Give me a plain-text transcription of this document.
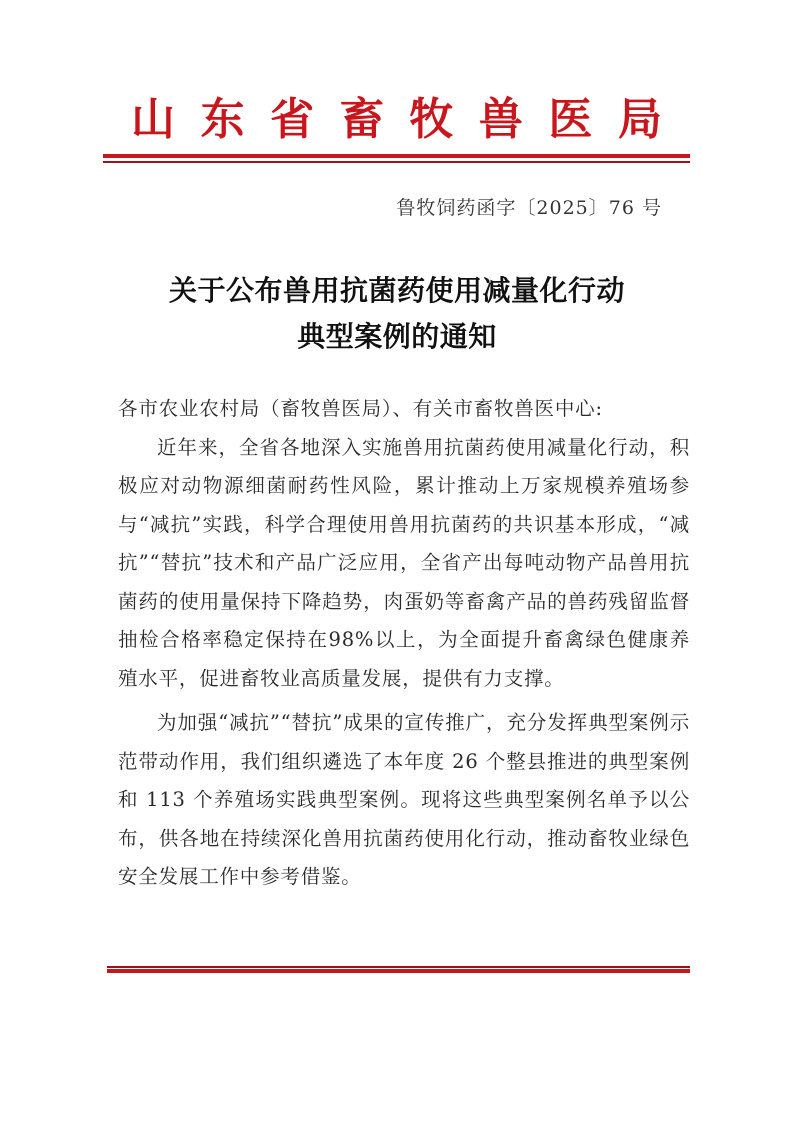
山 东 省 畜 牧 兽 医 局
鲁牧饲药函字〔2025〕76 号
关于公布兽用抗菌药使用减量化行动
典型案例的通知

各市农业农村局（畜牧兽医局）、有关市畜牧兽医中心:

近年来，全省各地深入实施兽用抗菌药使用减量化行动，积极应对动物源细菌耐药性风险，累计推动上万家规模养殖场参与“减抗”实践，科学合理使用兽用抗菌药的共识基本形成，“减抗”“替抗”技术和产品广泛应用，全省产出每吨动物产品兽用抗菌药的使用量保持下降趋势，肉蛋奶等畜禽产品的兽药残留监督抽检合格率稳定保持在98%以上，为全面提升畜禽绿色健康养殖水平，促进畜牧业高质量发展，提供有力支撑。

为加强“减抗”“替抗”成果的宣传推广，充分发挥典型案例示范带动作用，我们组织遴选了本年度 26 个整县推进的典型案例和 113 个养殖场实践典型案例。现将这些典型案例名单予以公布，供各地在持续深化兽用抗菌药使用化行动，推动畜牧业绿色安全发展工作中参考借鉴。
